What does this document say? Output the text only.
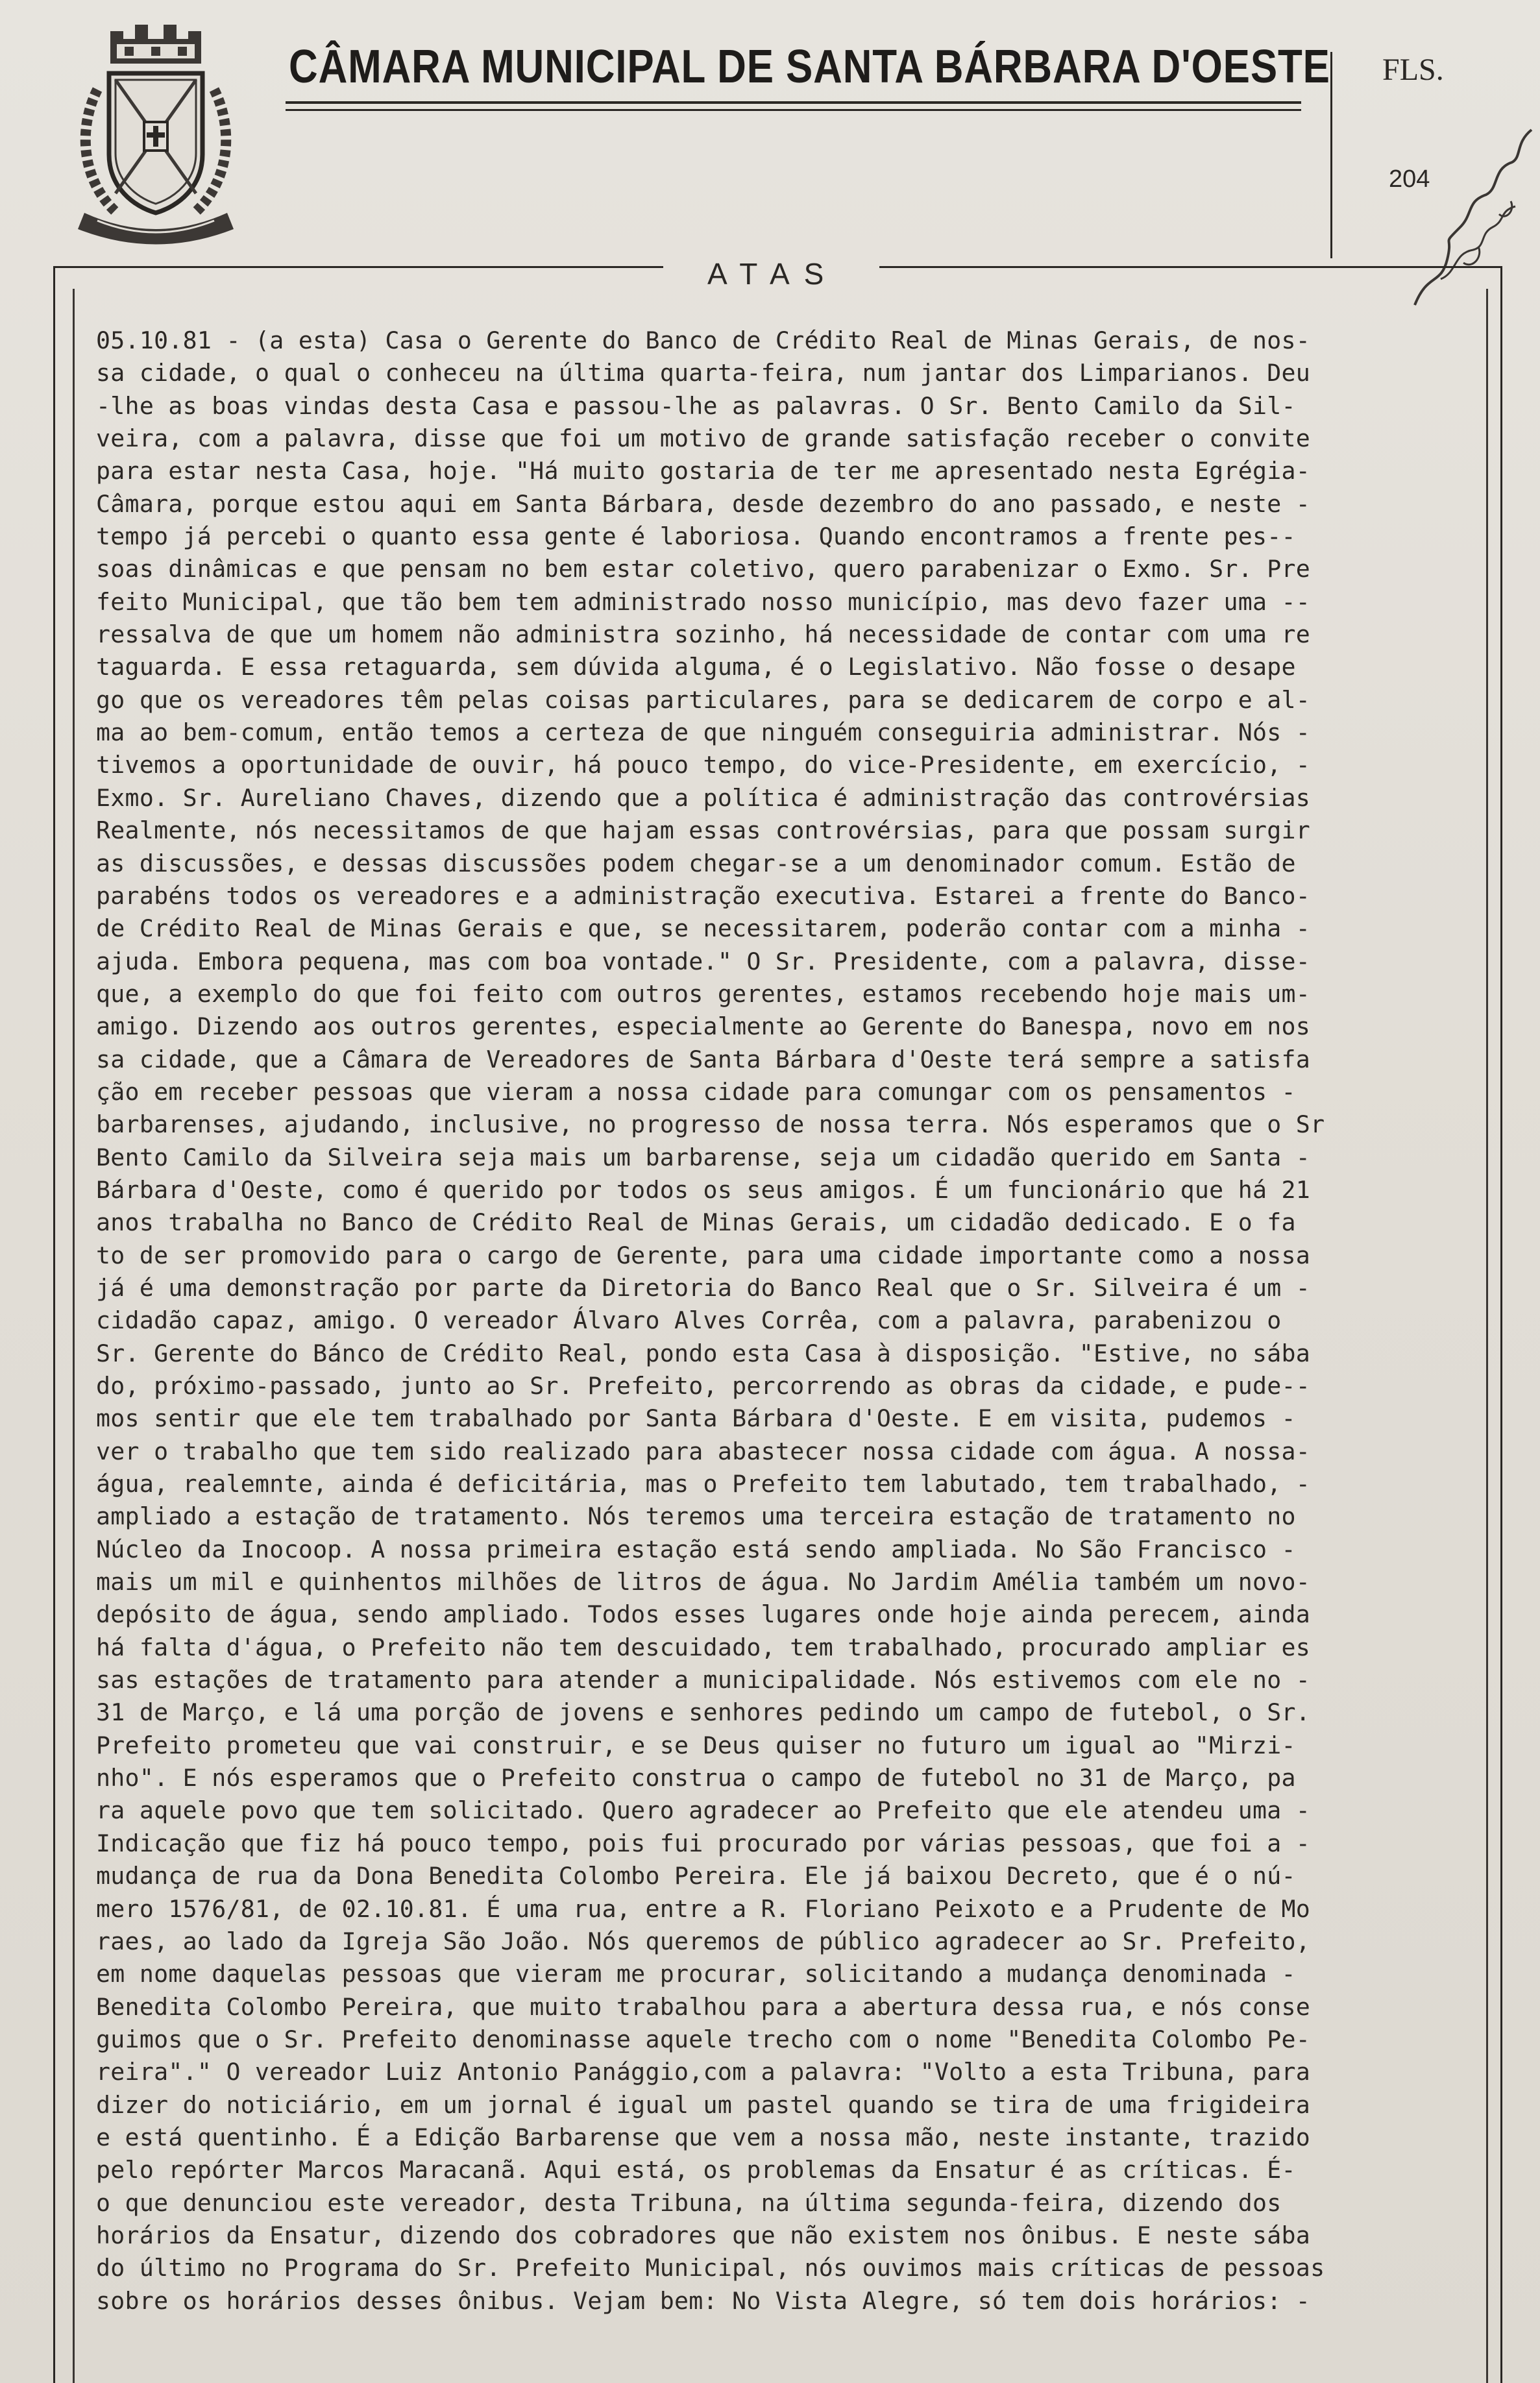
CÂMARA MUNICIPAL DE SANTA BÁRBARA D'OESTE FLS.
204
ATAS
05.10.81 - (a esta) Casa o Gerente do Banco de Crédito Real de Minas Gerais, de nos-
sa cidade, o qual o conheceu na última quarta-feira, num jantar dos Limparianos. Deu
-lhe as boas vindas desta Casa e passou-lhe as palavras. O Sr. Bento Camilo da Sil-
veira, com a palavra, disse que foi um motivo de grande satisfação receber o convite
para estar nesta Casa, hoje. "Há muito gostaria de ter me apresentado nesta Egrégia-
Câmara, porque estou aqui em Santa Bárbara, desde dezembro do ano passado, e neste -
tempo já percebi o quanto essa gente é laboriosa. Quando encontramos a frente pes--
soas dinâmicas e que pensam no bem estar coletivo, quero parabenizar o Exmo. Sr. Pre
feito Municipal, que tão bem tem administrado nosso município, mas devo fazer uma --
ressalva de que um homem não administra sozinho, há necessidade de contar com uma re
taguarda. E essa retaguarda, sem dúvida alguma, é o Legislativo. Não fosse o desape
go que os vereadores têm pelas coisas particulares, para se dedicarem de corpo e al-
ma ao bem-comum, então temos a certeza de que ninguém conseguiria administrar. Nós -
tivemos a oportunidade de ouvir, há pouco tempo, do vice-Presidente, em exercício, -
Exmo. Sr. Aureliano Chaves, dizendo que a política é administração das controvérsias
Realmente, nós necessitamos de que hajam essas controvérsias, para que possam surgir
as discussões, e dessas discussões podem chegar-se a um denominador comum. Estão de
parabéns todos os vereadores e a administração executiva. Estarei a frente do Banco-
de Crédito Real de Minas Gerais e que, se necessitarem, poderão contar com a minha -
ajuda. Embora pequena, mas com boa vontade." O Sr. Presidente, com a palavra, disse-
que, a exemplo do que foi feito com outros gerentes, estamos recebendo hoje mais um-
amigo. Dizendo aos outros gerentes, especialmente ao Gerente do Banespa, novo em nos
sa cidade, que a Câmara de Vereadores de Santa Bárbara d'Oeste terá sempre a satisfa
ção em receber pessoas que vieram a nossa cidade para comungar com os pensamentos -
barbarenses, ajudando, inclusive, no progresso de nossa terra. Nós esperamos que o Sr
Bento Camilo da Silveira seja mais um barbarense, seja um cidadão querido em Santa -
Bárbara d'Oeste, como é querido por todos os seus amigos. É um funcionário que há 21
anos trabalha no Banco de Crédito Real de Minas Gerais, um cidadão dedicado. E o fa
to de ser promovido para o cargo de Gerente, para uma cidade importante como a nossa
já é uma demonstração por parte da Diretoria do Banco Real que o Sr. Silveira é um -
cidadão capaz, amigo. O vereador Álvaro Alves Corrêa, com a palavra, parabenizou o
Sr. Gerente do Bánco de Crédito Real, pondo esta Casa à disposição. "Estive, no sába
do, próximo-passado, junto ao Sr. Prefeito, percorrendo as obras da cidade, e pude--
mos sentir que ele tem trabalhado por Santa Bárbara d'Oeste. E em visita, pudemos -
ver o trabalho que tem sido realizado para abastecer nossa cidade com água. A nossa-
água, realemnte, ainda é deficitária, mas o Prefeito tem labutado, tem trabalhado, -
ampliado a estação de tratamento. Nós teremos uma terceira estação de tratamento no
Núcleo da Inocoop. A nossa primeira estação está sendo ampliada. No São Francisco -
mais um mil e quinhentos milhões de litros de água. No Jardim Amélia também um novo-
depósito de água, sendo ampliado. Todos esses lugares onde hoje ainda perecem, ainda
há falta d'água, o Prefeito não tem descuidado, tem trabalhado, procurado ampliar es
sas estações de tratamento para atender a municipalidade. Nós estivemos com ele no -
31 de Março, e lá uma porção de jovens e senhores pedindo um campo de futebol, o Sr.
Prefeito prometeu que vai construir, e se Deus quiser no futuro um igual ao "Mirzi-
nho". E nós esperamos que o Prefeito construa o campo de futebol no 31 de Março, pa
ra aquele povo que tem solicitado. Quero agradecer ao Prefeito que ele atendeu uma -
Indicação que fiz há pouco tempo, pois fui procurado por várias pessoas, que foi a -
mudança de rua da Dona Benedita Colombo Pereira. Ele já baixou Decreto, que é o nú-
mero 1576/81, de 02.10.81. É uma rua, entre a R. Floriano Peixoto e a Prudente de Mo
raes, ao lado da Igreja São João. Nós queremos de público agradecer ao Sr. Prefeito,
em nome daquelas pessoas que vieram me procurar, solicitando a mudança denominada -
Benedita Colombo Pereira, que muito trabalhou para a abertura dessa rua, e nós conse
guimos que o Sr. Prefeito denominasse aquele trecho com o nome "Benedita Colombo Pe-
reira"." O vereador Luiz Antonio Panággio,com a palavra: "Volto a esta Tribuna, para
dizer do noticiário, em um jornal é igual um pastel quando se tira de uma frigideira
e está quentinho. É a Edição Barbarense que vem a nossa mão, neste instante, trazido
pelo repórter Marcos Maracanã. Aqui está, os problemas da Ensatur é as críticas. É-
o que denunciou este vereador, desta Tribuna, na última segunda-feira, dizendo dos
horários da Ensatur, dizendo dos cobradores que não existem nos ônibus. E neste sába
do último no Programa do Sr. Prefeito Municipal, nós ouvimos mais críticas de pessoas
sobre os horários desses ônibus. Vejam bem: No Vista Alegre, só tem dois horários: -
